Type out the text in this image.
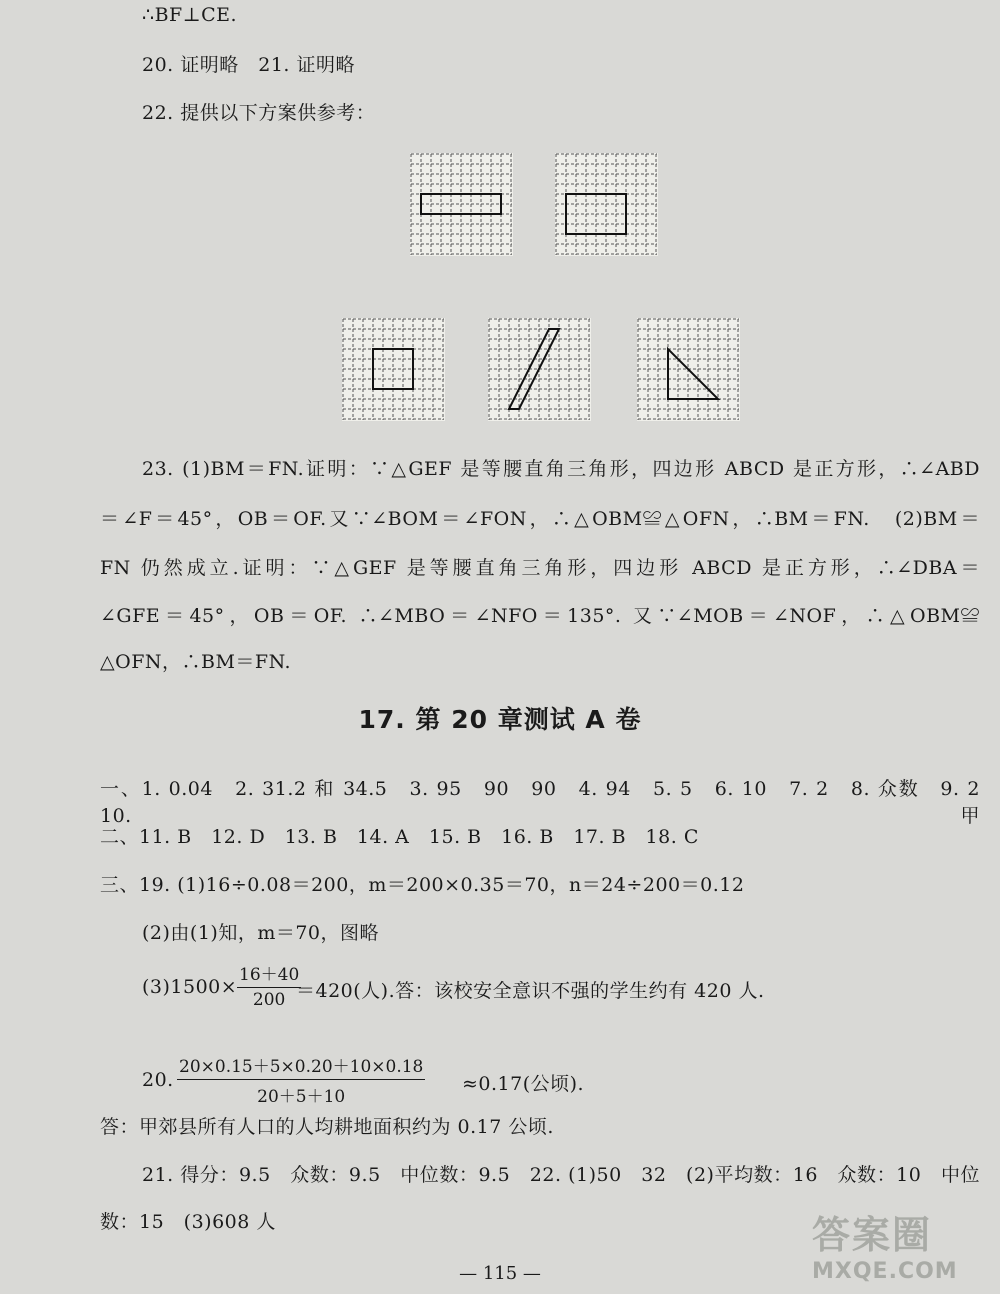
∴BF⊥CE.
20. 证明略　21. 证明略
22. 提供以下方案供参考：
23. (1)BM＝FN.证明：∵△GEF 是等腰直角三角形，四边形 ABCD 是正方形，∴∠ABD
＝∠F＝45°，OB＝OF.又∵∠BOM＝∠FON，∴△OBM≌△OFN，∴BM＝FN.　(2)BM＝
FN 仍然成立.证明：∵△GEF 是等腰直角三角形，四边形 ABCD 是正方形，∴∠DBA＝
∠GFE＝45°，OB＝OF. ∴∠MBO＝∠NFO＝135°. 又∵∠MOB＝∠NOF，∴△OBM≌
△OFN，∴BM＝FN.
17. 第 20 章测试 A 卷
一、1. 0.04　2. 31.2 和 34.5　3. 95　90　90　4. 94　5. 5　6. 10　7. 2　8. 众数　9. 2　10. 甲
二、11. B　12. D　13. B　14. A　15. B　16. B　17. B　18. C
三、19. (1)16÷0.08＝200，m＝200×0.35＝70，n＝24÷200＝0.12
(2)由(1)知，m＝70，图略
$(3)1500\times \frac{16+40}{200}$
＝420(人).答：该校安全意识不强的学生约有 420 人.
20. $\frac{20\times 0.15+5\times 0.20+10\times 0.18}{20+5+10} \approx 0.17$(公顷).
答：甲郊县所有人口的人均耕地面积约为 0.17 公顷.
21. 得分：9.5　众数：9.5　中位数：9.5　22. (1)50　32　(2)平均数：16　众数：10　中位
数：15　(3)608 人
— 115 —
答案圈
MXQE.COM
